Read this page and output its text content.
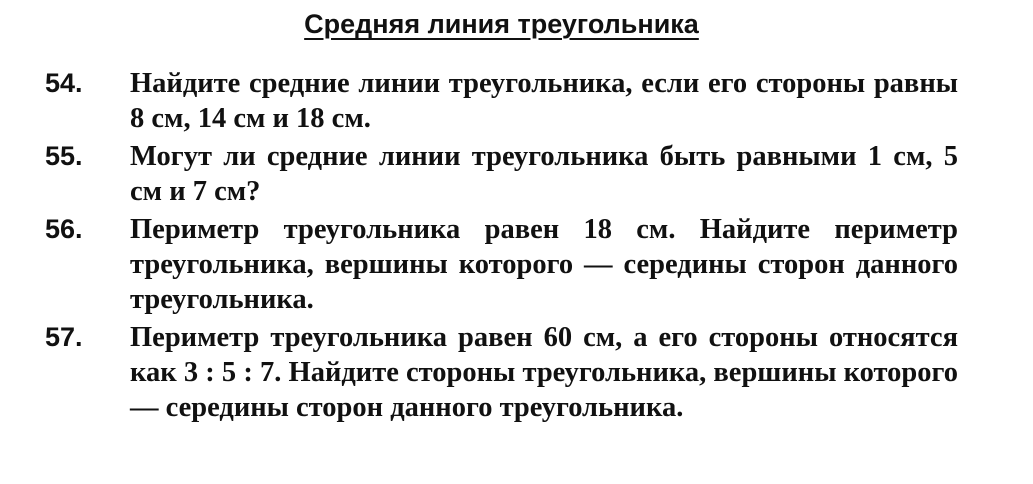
Средняя линия треугольника
54. Найдите средние линии треугольника, если его стороны равны 8 см, 14 см и 18 см.
55. Могут ли средние линии треугольника быть равными 1 см, 5 см и 7 см?
56. Периметр треугольника равен 18 см. Найдите периметр треугольника, вершины которого — середины сторон данного треугольника.
57. Периметр треугольника равен 60 см, а его стороны относятся как 3 : 5 : 7. Найдите стороны треугольника, вершины которого — середины сторон данного треугольника.
